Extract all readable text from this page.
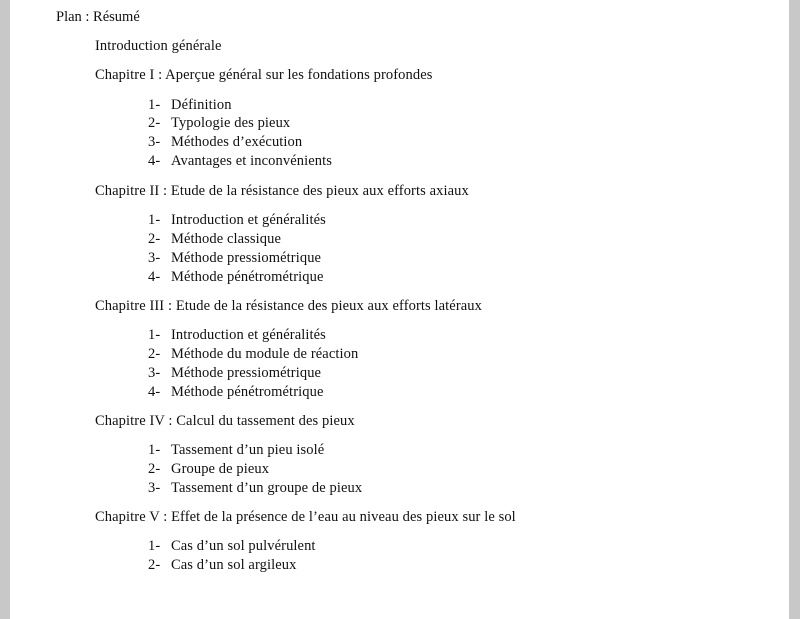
Plan : Résumé
Introduction générale
Chapitre I : Aperçue général sur les fondations profondes
1- Définition
2- Typologie des pieux
3- Méthodes d’exécution
4- Avantages et inconvénients
Chapitre II : Etude de la résistance des pieux aux efforts axiaux
1- Introduction et généralités
2- Méthode classique
3- Méthode pressiométrique
4- Méthode pénétrométrique
Chapitre III : Etude de la résistance des pieux aux efforts latéraux
1- Introduction et généralités
2- Méthode du module de réaction
3- Méthode pressiométrique
4- Méthode pénétrométrique
Chapitre IV : Calcul du tassement des pieux
1- Tassement d’un pieu isolé
2- Groupe de pieux
3- Tassement d’un groupe de pieux
Chapitre V : Effet de la présence de l’eau au niveau des pieux sur le sol
1- Cas d’un sol pulvérulent
2- Cas d’un sol argileux
